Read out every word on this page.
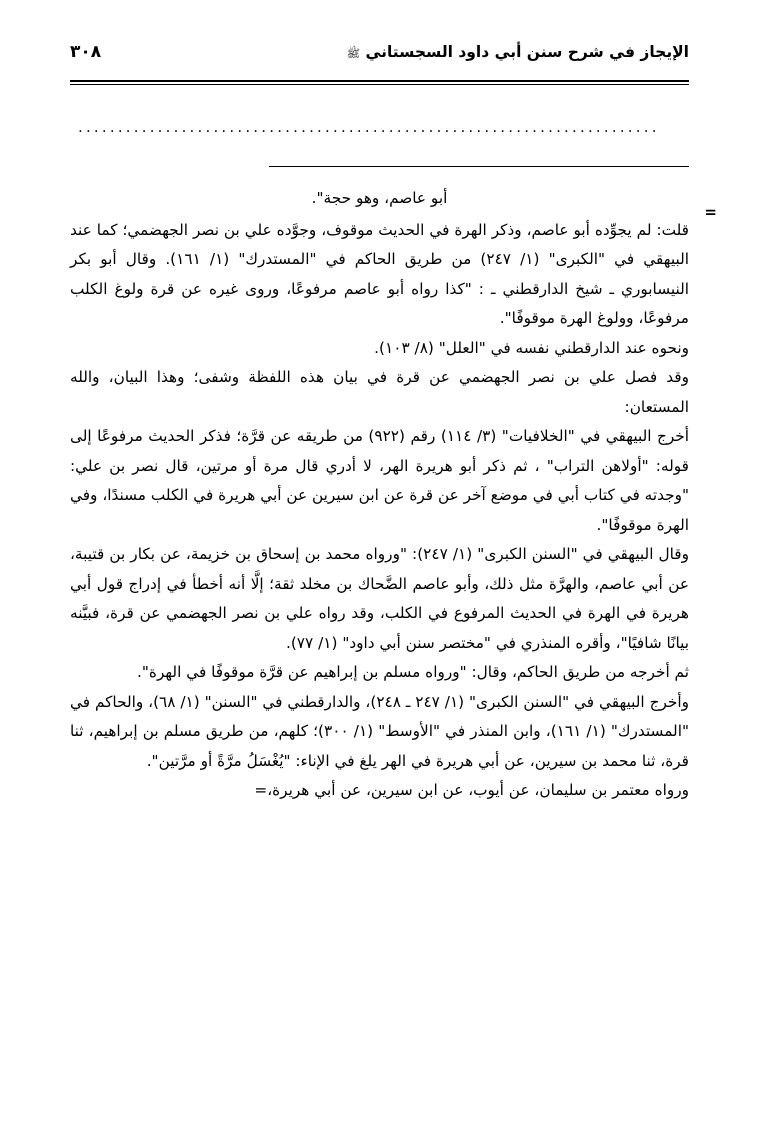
الإيجاز في شرح سنن أبي داود السجستاني ﷺ
٣٠٨
.........................................................................
=
أبو عاصم، وهو حجة".

قلت: لم يجوِّده أبو عاصم، وذكر الهرة في الحديث موقوف، وجوَّده علي بن نصر الجهضمي؛ كما عند البيهقي في "الكبرى" (١/ ٢٤٧) من طريق الحاكم في "المستدرك" (١/ ١٦١). وقال أبو بكر النيسابوري ـ شيخ الدارقطني ـ : "كذا رواه أبو عاصم مرفوعًا، وروى غيره عن قرة ولوغ الكلب مرفوعًا، وولوغ الهرة موقوفًا".

ونحوه عند الدارقطني نفسه في "العلل" (٨/ ١٠٣).

وقد فصل علي بن نصر الجهضمي عن قرة في بيان هذه اللفظة وشفى؛ وهذا البيان، والله المستعان:

أخرج البيهقي في "الخلافيات" (٣/ ١١٤) رقم (٩٢٢) من طريقه عن قرَّة؛ فذكر الحديث مرفوعًا إلى قوله: "أولاهن التراب" ، ثم ذكر أبو هريرة الهر، لا أدري قال مرة أو مرتين، قال نصر بن علي: "وجدته في كتاب أبي في موضع آخر عن قرة عن ابن سيرين عن أبي هريرة في الكلب مسندًا، وفي الهرة موقوفًا".

وقال البيهقي في "السنن الكبرى" (١/ ٢٤٧): "ورواه محمد بن إسحاق بن خزيمة، عن بكار بن قتيبة، عن أبي عاصم، والهرَّة مثل ذلك، وأبو عاصم الضَّحاك بن مخلد ثقة؛ إلَّا أنه أخطأ في إدراج قول أبي هريرة في الهرة في الحديث المرفوع في الكلب، وقد رواه علي بن نصر الجهضمي عن قرة، فبيَّنه بيانًا شافيًا"، وأقره المنذري في "مختصر سنن أبي داود" (١/ ٧٧).

ثم أخرجه من طريق الحاكم، وقال: "ورواه مسلم بن إبراهيم عن قرَّة موقوفًا في الهرة".

وأخرج البيهقي في "السنن الكبرى" (١/ ٢٤٧ ـ ٢٤٨)، والدارقطني في "السنن" (١/ ٦٨)، والحاكم في "المستدرك" (١/ ١٦١)، وابن المنذر في "الأوسط" (١/ ٣٠٠)؛ كلهم، من طريق مسلم بن إبراهيم، ثنا قرة، ثنا محمد بن سيرين، عن أبي هريرة في الهر يلغ في الإناء: "يُغْسَلُ مرَّةً أو مرَّتين".

ورواه معتمر بن سليمان، عن أيوب، عن ابن سيرين، عن أبي هريرة،=
